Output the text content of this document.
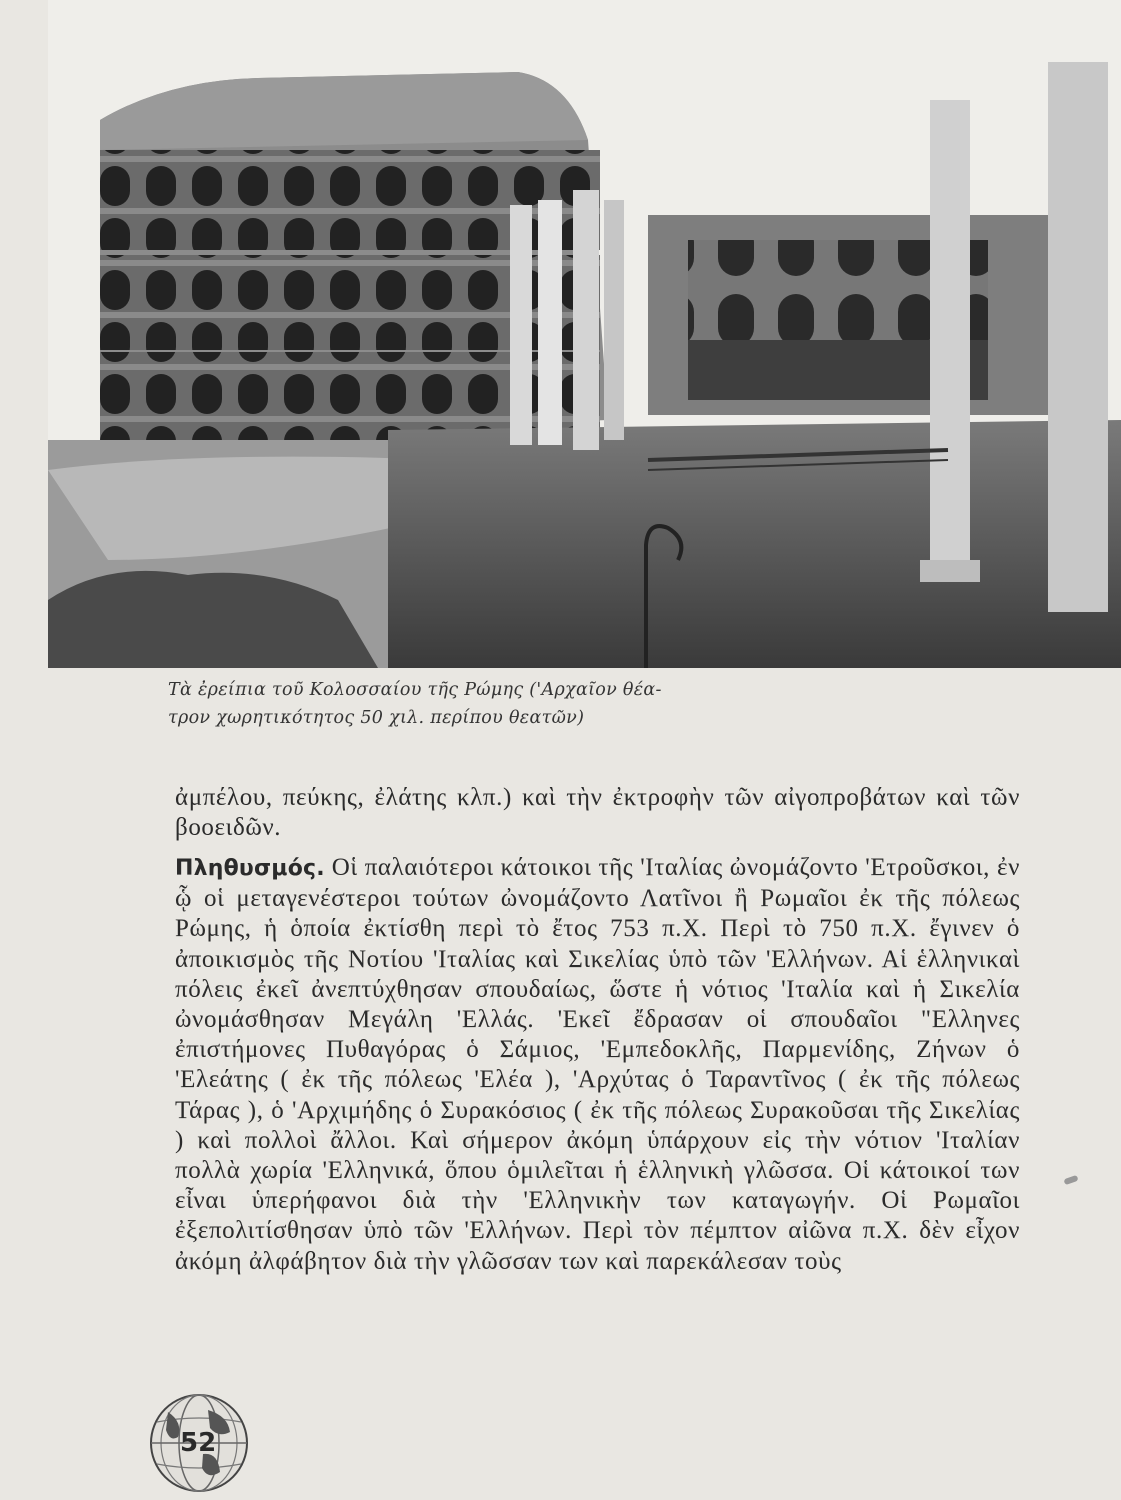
Τὰ ἐρείπια τοῦ Κολοσσαίου τῆς Ρώμης ('Αρχαῖον θέα-
τρον χωρητικότητος 50 χιλ. περίπου θεατῶν)

ἀμπέλου, πεύκης, ἐλάτης κλπ.) καὶ τὴν ἐκτροφὴν τῶν αἰγοπροβάτων καὶ τῶν βοοειδῶν.

Πληθυσμός. Οἱ παλαιότεροι κάτοικοι τῆς 'Ιταλίας ὠνομάζοντο 'Ετροῦσκοι, ἐν ᾧ οἱ μεταγενέστεροι τούτων ὠνομάζοντο Λατῖνοι ἢ Ρωμαῖοι ἐκ τῆς πόλεως Ρώμης, ἡ ὁποία ἐκτίσθη περὶ τὸ ἔτος 753 π.Χ. Περὶ τὸ 750 π.Χ. ἔγινεν ὁ ἀποικισμὸς τῆς Νοτίου 'Ιταλίας καὶ Σικελίας ὑπὸ τῶν 'Ελλήνων. Αἱ ἑλληνικαὶ πόλεις ἐκεῖ ἀνεπτύχθησαν σπουδαίως, ὥστε ἡ νότιος 'Ιταλία καὶ ἡ Σικελία ὠνομάσθησαν Μεγάλη 'Ελλάς. 'Εκεῖ ἔδρασαν οἱ σπουδαῖοι "Ελληνες ἐπιστήμονες Πυθαγόρας ὁ Σάμιος, 'Εμπεδοκλῆς, Παρμενίδης, Ζήνων ὁ 'Ελεάτης ( ἐκ τῆς πόλεως 'Ελέα ), 'Αρχύτας ὁ Ταραντῖνος ( ἐκ τῆς πόλεως Τάρας ), ὁ 'Αρχιμήδης ὁ Συρακόσιος ( ἐκ τῆς πόλεως Συρακοῦσαι τῆς Σικελίας ) καὶ πολλοὶ ἄλλοι. Καὶ σήμερον ἀκόμη ὑπάρχουν εἰς τὴν νότιον 'Ιταλίαν πολλὰ χωρία 'Ελληνικά, ὅπου ὁμιλεῖται ἡ ἑλληνικὴ γλῶσσα. Οἱ κάτοικοί των εἶναι ὑπερήφανοι διὰ τὴν 'Ελληνικὴν των καταγωγήν. Οἱ Ρωμαῖοι ἐξεπολιτίσθησαν ὑπὸ τῶν 'Ελλήνων. Περὶ τὸν πέμπτον αἰῶνα π.Χ. δὲν εἶχον ἀκόμη ἀλφάβητον διὰ τὴν γλῶσσαν των καὶ παρεκάλεσαν τοὺς

52
